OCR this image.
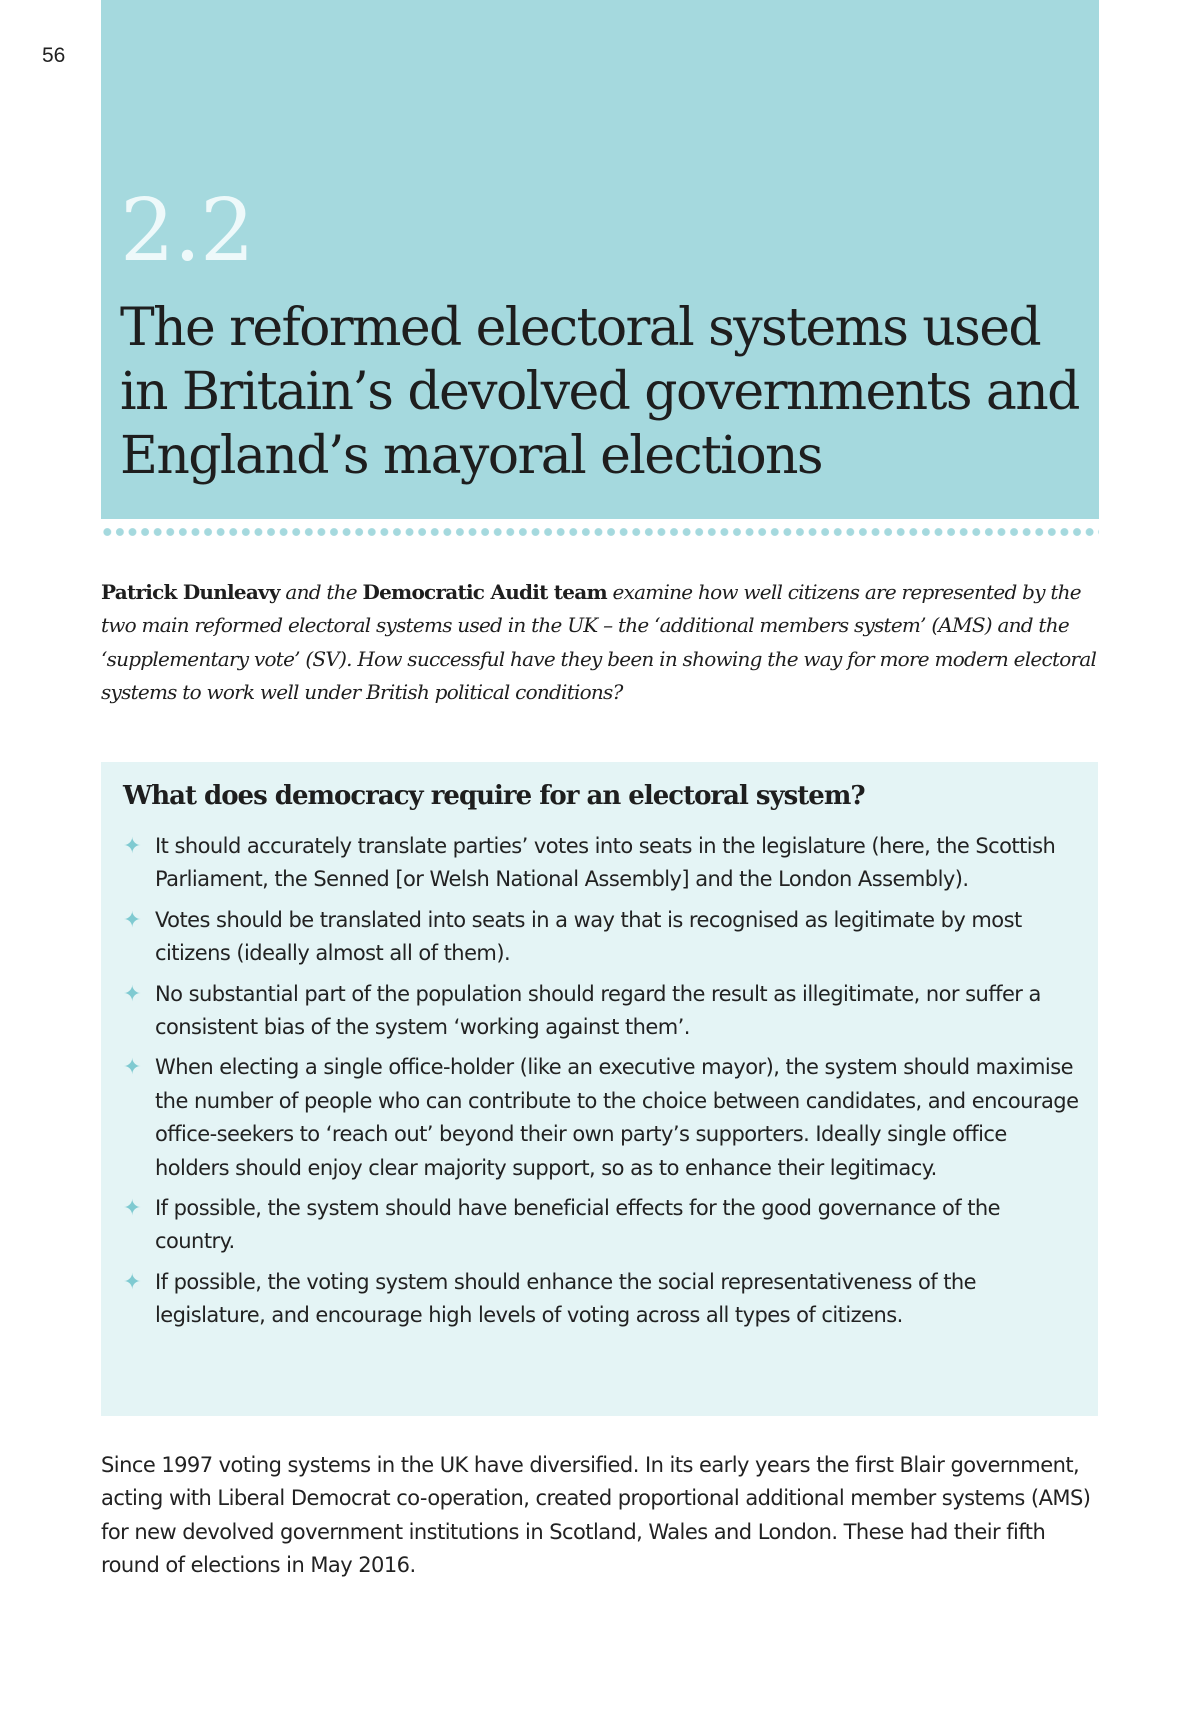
56
2.2
The reformed electoral systems used in Britain’s devolved governments and England’s mayoral elections

Patrick Dunleavy and the Democratic Audit team examine how well citizens are represented by the two main reformed electoral systems used in the UK – the ‘additional members system’ (AMS) and the ‘supplementary vote’ (SV). How successful have they been in showing the way for more modern electoral systems to work well under British political conditions?

What does democracy require for an electoral system?
✦ It should accurately translate parties’ votes into seats in the legislature (here, the Scottish Parliament, the Senned [or Welsh National Assembly] and the London Assembly).
✦ Votes should be translated into seats in a way that is recognised as legitimate by most citizens (ideally almost all of them).
✦ No substantial part of the population should regard the result as illegitimate, nor suffer a consistent bias of the system ‘working against them’.
✦ When electing a single office-holder (like an executive mayor), the system should maximise the number of people who can contribute to the choice between candidates, and encourage office-seekers to ‘reach out’ beyond their own party’s supporters. Ideally single office holders should enjoy clear majority support, so as to enhance their legitimacy.
✦ If possible, the system should have beneficial effects for the good governance of the country.
✦ If possible, the voting system should enhance the social representativeness of the legislature, and encourage high levels of voting across all types of citizens.

Since 1997 voting systems in the UK have diversified. In its early years the first Blair government, acting with Liberal Democrat co-operation, created proportional additional member systems (AMS) for new devolved government institutions in Scotland, Wales and London. These had their fifth round of elections in May 2016.
